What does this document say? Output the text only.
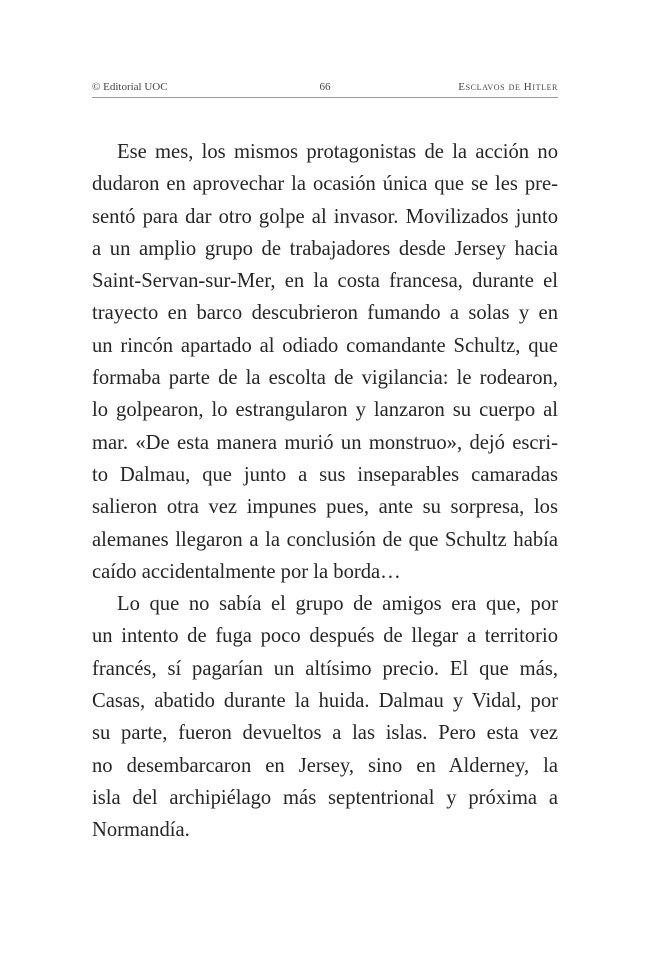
© Editorial UOC	66	Esclavos de Hitler
Ese mes, los mismos protagonistas de la acción no
dudaron en aprovechar la ocasión única que se les pre-
sentó para dar otro golpe al invasor. Movilizados junto
a un amplio grupo de trabajadores desde Jersey hacia
Saint-Servan-sur-Mer, en la costa francesa, durante el
trayecto en barco descubrieron fumando a solas y en
un rincón apartado al odiado comandante Schultz, que
formaba parte de la escolta de vigilancia: le rodearon,
lo golpearon, lo estrangularon y lanzaron su cuerpo al
mar. «De esta manera murió un monstruo», dejó escri-
to Dalmau, que junto a sus inseparables camaradas
salieron otra vez impunes pues, ante su sorpresa, los
alemanes llegaron a la conclusión de que Schultz había
caído accidentalmente por la borda…
Lo que no sabía el grupo de amigos era que, por
un intento de fuga poco después de llegar a territorio
francés, sí pagarían un altísimo precio. El que más,
Casas, abatido durante la huida. Dalmau y Vidal, por
su parte, fueron devueltos a las islas. Pero esta vez
no desembarcaron en Jersey, sino en Alderney, la
isla del archipiélago más septentrional y próxima a
Normandía.
